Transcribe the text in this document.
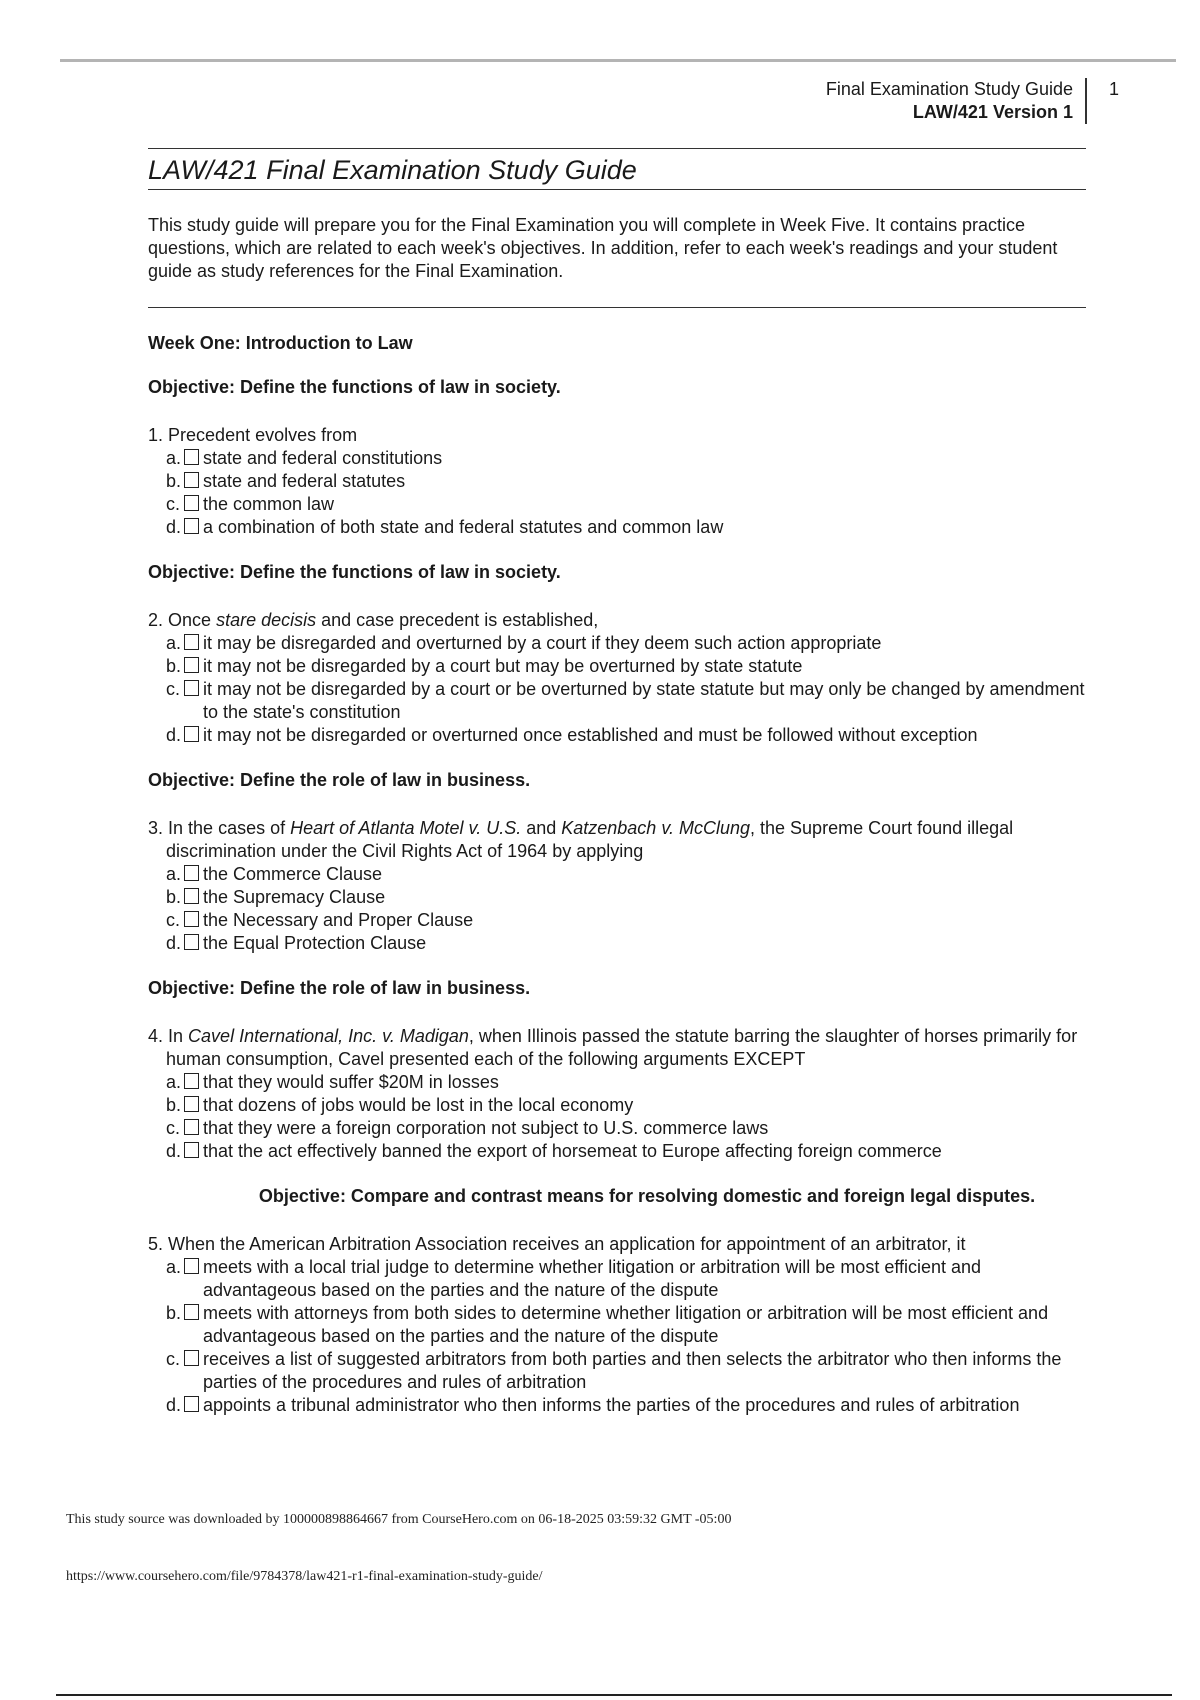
Final Examination Study Guide
LAW/421 Version 1
1
LAW/421 Final Examination Study Guide

This study guide will prepare you for the Final Examination you will complete in Week Five. It contains practice questions, which are related to each week's objectives. In addition, refer to each week's readings and your student guide as study references for the Final Examination.

Week One: Introduction to Law
Objective: Define the functions of law in society.
1. Precedent evolves from
a. state and federal constitutions
b. state and federal statutes
c. the common law
d. a combination of both state and federal statutes and common law
Objective: Define the functions of law in society.
2. Once stare decisis and case precedent is established,
a. it may be disregarded and overturned by a court if they deem such action appropriate
b. it may not be disregarded by a court but may be overturned by state statute
c. it may not be disregarded by a court or be overturned by state statute but may only be changed by amendment to the state's constitution
d. it may not be disregarded or overturned once established and must be followed without exception
Objective: Define the role of law in business.
3. In the cases of Heart of Atlanta Motel v. U.S. and Katzenbach v. McClung, the Supreme Court found illegal discrimination under the Civil Rights Act of 1964 by applying
a. the Commerce Clause
b. the Supremacy Clause
c. the Necessary and Proper Clause
d. the Equal Protection Clause
Objective: Define the role of law in business.
4. In Cavel International, Inc. v. Madigan, when Illinois passed the statute barring the slaughter of horses primarily for human consumption, Cavel presented each of the following arguments EXCEPT
a. that they would suffer $20M in losses
b. that dozens of jobs would be lost in the local economy
c. that they were a foreign corporation not subject to U.S. commerce laws
d. that the act effectively banned the export of horsemeat to Europe affecting foreign commerce
Objective: Compare and contrast means for resolving domestic and foreign legal disputes.
5. When the American Arbitration Association receives an application for appointment of an arbitrator, it
a. meets with a local trial judge to determine whether litigation or arbitration will be most efficient and advantageous based on the parties and the nature of the dispute
b. meets with attorneys from both sides to determine whether litigation or arbitration will be most efficient and advantageous based on the parties and the nature of the dispute
c. receives a list of suggested arbitrators from both parties and then selects the arbitrator who then informs the parties of the procedures and rules of arbitration
d. appoints a tribunal administrator who then informs the parties of the procedures and rules of arbitration
This study source was downloaded by 100000898864667 from CourseHero.com on 06-18-2025 03:59:32 GMT -05:00
https://www.coursehero.com/file/9784378/law421-r1-final-examination-study-guide/
